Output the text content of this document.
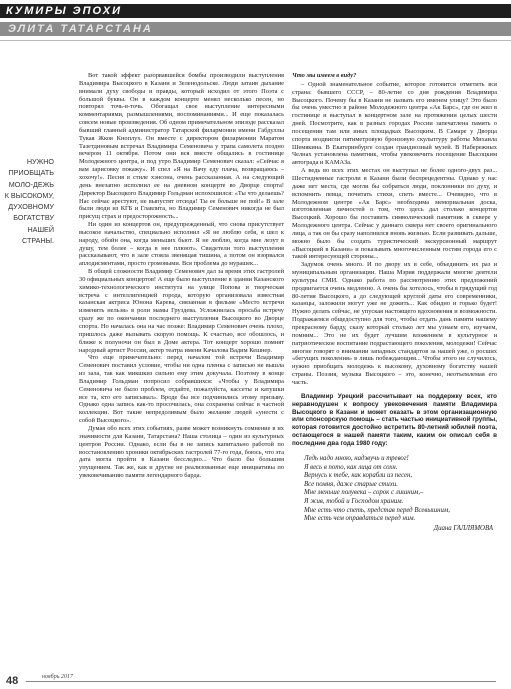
КУМИРЫ ЭПОХИ
ЭЛИТА ТАТАРСТАНА
НУЖНО ПРИОБЩАТЬ МОЛО-ДЕЖЬ К ВЫСОКОМУ, ДУХОВНОМУ БОГАТСТВУ НАШЕЙ СТРАНЫ.

Вот такой эффект разорвавшейся бомбы производили выступления Владимира Высоцкого в Казани и Зеленодольске. Люди затаив дыхание внимали духу свободы и правды, который исходил от этого Поэта с большой буквы. Он в каждом концерте менял несколько песен, но повторял точь-в-точь. Обогащал свое выступление интересными комментариями, размышлениями, воспоминаниями... И еще показалась совсем новые произведения. Об одном примечательном эпизоде рассказал бывший главный администратор Татарской филармонии имени Габдуллы Тукая Жков Кноплух. Он вместе с директором филармонии Маратом Тазетдиновым встречал Владимира Семеновича у трапа самолета поздно вечером 11 октября. Потом они вся вместе общались в гостинице Молодежного центра, и под утро Владимир Семенович сказал: «Сейчас я вам зарисовку покажу». И спел «Я на Вачу еду плача, возвращаюсь – хохочу!». Песня в стиле хэнсона, очень рассказанная. А на следующий день внезапно исполнил ее на дневном концерте во Дворце спорта! Директор Высоцкого Владимир Гольдман испохошился: «Ты что делаешь? Нас сейчас арестуют, не выпустят отсюда! Ты ее больше не пой!» В зале были люди из КГБ и Главлита, но Владимир Семенович никогда не был присущ страх и предосторожность...

Ни один из концертов он, предупрежденный, что снова присутствует высокое начальство, специально исполнил «Я не люблю себя, я шел к народу, обойн она, когда меньших бьют. Я не люблю, когда мне лезут в душу, тем более – когда в нее плюют». Свидетели того выступления рассказывают, что в зале стояла звенящая тишина, а потом он взорвался аплодисментами, просто громовыми. Вся проблема до мурашек...

В общей сложности Владимир Семенович дал за время этих гастролей 30 официальных концертов! А еще было выступление в здании Казанского химико-технологического института на улице Попова и творческая встреча с интеллигенцией города, которую организовала известная казанская актриса Юнона Карева, связанная в фильме «Место встречи изменить нельзя» в роли мамы Груздева. Усложнилась просьба встречу сразу же по окончании последнего выступления Высоцкого во Дворце спорта. Но началась она на час позже: Владимир Семенович очень плохо, пришлось даже вызывать скорую помощь. К счастью, все обошлось, и ближе к полуночи он был в Доме актера. Тот концерт хорошо помнят народный артист России, актер театра имени Качалова Вадим Кешнер.

Что еще примечательно: перед началом той встречи Владимир Семенович поставил условие, чтобы ни одна пленка с записью не вышла из зала, так как микшкиз сильно ему этим докучала. Поэтому в конце Владимир Гольдман попросил собравшихся: «Чтобы у Владимира Семеновича не было проблем, отдайте, пожалуйста, кассеты и катушки все та, кто его записывал». Вроде бы все подчинились этому призыву. Однако одна запись как-то просочилась, она сохранена сейчас в частной коллекции. Вот такие непредолимым было желание людей «унести с собой Высоцкого».

Думая обо всех этих событиях, разве может возникнуть сомнение в их значимости для Казани, Татарстана? Наша столица – один из культурных центров России. Однако, если бы в не запись капитально работой по восстановлению хроники октябрьских гастролей 77-го года, боюсь, что эта дата могла пройти в Казани бесследно... Что было бы большим упущением. Так же, как и другие не реализованные еще инициативы по увековечиванию памяти легендарного барда.

Что мы имеем в виду?

– Одной знаменательное событие, которое готовится отметить вся страна: бывшего СССР, – 80-летие со дня рождения Владимира Высоцкого. Почему бы в Казани не назвать его именем улицу? Это было бы очень уместно в районе Молодежного центра «Ак Барс», где он жил в гостинице и выступал в концертном зале на протяжении целых шести дней. Посмотрите, как в разных городах России запечатлена память о посещении там или иных площадках Высоцким. В Самаре у Дворца спорта воздвигли пятиметровую бронзовую скульптуру работы Михаила Шемякина. В Екатеринбурге создан грандиозный музей. В Набережных Челнах установлена памятник, чтобы увековечить посещение Высоцким автограда и КАМАЗа.

А ведь во всех этих местах он выступал не более одного-двух раз... Шестидневные гастроли в Казани были беспрецедентны. Однако у нас даже нет места, где могли бы собраться люди, поклонники по духу, и вспомнить певца, почитать стихи, спеть вместе... Очевидно, что в Молодежном центре «Ак Барс» необходима мемориальная доска, изготовленная личностей о том, что здесь дал столько концертов Высоцкий. Хорошо бы поставить символический памятник в сквере у Молодежного центра. Сейчас у даннаго сквера нет своего оригинального лица, а так он бы сразу наполнился вновь жизнью. Если развивать дальше, можно было бы создать туристический экскурсионный маршрут «Высоцкий в Казани» и показывать многочисленным гостям города его с такой интересующей стороны...

Задумок очень много. И по двору их в себе, объединить их раз и муниципальным организации. Наша Мэрия поддержали многие деятели культуры СМИ. Однако работа по рассмотрению этих предложений продвигается очень медленно. А очень бы хотелось, чтобы в грядущий год 80-летия Высоцкого, а до следующей круглой даты его современники, казанцы, заложили могут уже не дожить... Как обидно и горько будет! Нужно делать сейчас, не упуская настоящего вдохновения и возможности. Подражаемся общедоступно для того, чтобы отдать дань памяти нашему прекрасному барду, сказу который столько лет мы узнаем его, изучаем, помним... Это не их будет лучшим вложением в культурное и патриотическое воспитание подрастающего поколения, молодежи! Сейчас многие говорят о внимании западных стандартов за нашей уже, о росших «бегущих поколения» в лишь побеждающим... Чтобы этого не случилось, нужно приобщать молодежь к высокому, духовному богатству нашей страны. Поэзия, музыка Высоцкого – это, конечно, неотъемлемая его часть.

Владимир Урецкий рассчитывает на поддержку всех, кто неравнодушен к вопросу увековечения памяти Владимира Высоцкого в Казани и может оказать в этом организационную или спонсорскую помощь – стать частью инициативной группы, которая готовится достойно встретить 80-летний юбилей поэта, остающегося в нашей памяти таким, каким он описал себя в последние два года 1980 году:

Ледь надо мною, надзвучь и тревог!
Я весь в пото, как лица от сохн.
Вернусь к тебе, как корабли из песен,
Все помня, даже старые стихи.
Мне меньше полувека – сорок с лишним,–
Я жив, тобой и Господом храним.
Мне есть что спеть, представ перед Всевышним,
Мне есть чем оправдаться перед ним.
Диана ГАЛЛЯМОВА
48	ноябрь 2017
